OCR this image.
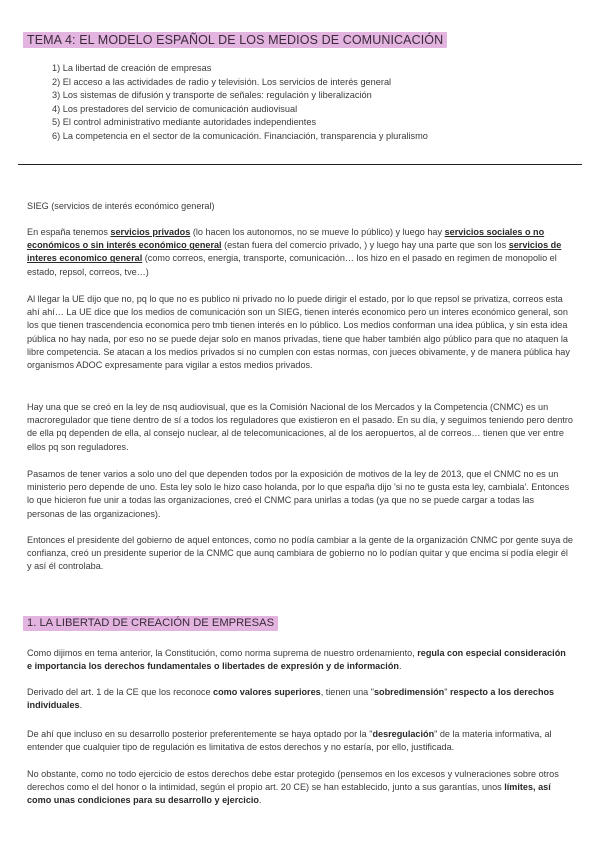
TEMA 4: EL MODELO ESPAÑOL DE LOS MEDIOS DE COMUNICACIÓN
1) La libertad de creación de empresas
2) El acceso a las actividades de radio y televisión. Los servicios de interés general
3) Los sistemas de difusión y transporte de señales: regulación y liberalización
4) Los prestadores del servicio de comunicación audiovisual
5) El control administrativo mediante autoridades independientes
6) La competencia en el sector de la comunicación. Financiación, transparencia y pluralismo

SIEG (servicios de interés económico general)

En españa tenemos servicios privados (lo hacen los autonomos, no se mueve lo público) y luego hay servicios sociales o no económicos o sin interés económico general (estan fuera del comercio privado, ) y luego hay una parte que son los servicios de interes economico general (como correos, energia, transporte, comunicación… los hizo en el pasado en regimen de monopolio el estado, repsol, correos, tve…)

Al llegar la UE dijo que no, pq lo que no es publico ni privado no lo puede dirigir el estado, por lo que repsol se privatiza, correos esta ahí ahí… La UE dice que los medios de comunicación son un SIEG, tienen interés economico pero un interes económico general, son los que tienen trascendencia economica pero tmb tienen interés en lo público. Los medios conforman una idea pública, y sin esta idea pública no hay nada, por eso no se puede dejar solo en manos privadas, tiene que haber también algo público para que no ataquen la libre competencia. Se atacan a los medios privados si no cumplen con estas normas, con jueces obivamente, y de manera pública hay organismos ADOC expresamente para vigilar a estos medios privados.

Hay una que se creó en la ley de nsq audiovisual, que es la Comisión Nacional de los Mercados y la Competencia (CNMC) es un macroregulador que tiene dentro de sí a todos los reguladores que existieron en el pasado. En su día, y seguimos teniendo pero dentro de ella pq dependen de ella, al consejo nuclear, al de telecomunicaciones, al de los aeropuertos, al de correos… tienen que ver entre ellos pq son reguladores.

Pasamos de tener varios a solo uno del que dependen todos por la exposición de motivos de la ley de 2013, que el CNMC no es un ministerio pero depende de uno. Esta ley solo le hizo caso holanda, por lo que españa dijo 'si no te gusta esta ley, cambiala'. Entonces lo que hicieron fue unir a todas las organizaciones, creó el CNMC para unirlas a todas (ya que no se puede cargar a todas las personas de las organizaciones).

Entonces el presidente del gobierno de aquel entonces, como no podía cambiar a la gente de la organización CNMC por gente suya de confianza, creó un presidente superior de la CNMC que aunq cambiara de gobierno no lo podían quitar y que encima si podía elegir él y así él controlaba.

1. LA LIBERTAD DE CREACIÓN DE EMPRESAS

Como dijimos en tema anterior, la Constitución, como norma suprema de nuestro ordenamiento, regula con especial consideración e importancia los derechos fundamentales o libertades de expresión y de información.

Derivado del art. 1 de la CE que los reconoce como valores superiores, tienen una "sobredimensión" respecto a los derechos individuales.

De ahí que incluso en su desarrollo posterior preferentemente se haya optado por la "desregulación" de la materia informativa, al entender que cualquier tipo de regulación es limitativa de estos derechos y no estaría, por ello, justificada.

No obstante, como no todo ejercicio de estos derechos debe estar protegido (pensemos en los excesos y vulneraciones sobre otros derechos como el del honor o la intimidad, según el propio art. 20 CE) se han establecido, junto a sus garantías, unos límites, así como unas condiciones para su desarrollo y ejercicio.
